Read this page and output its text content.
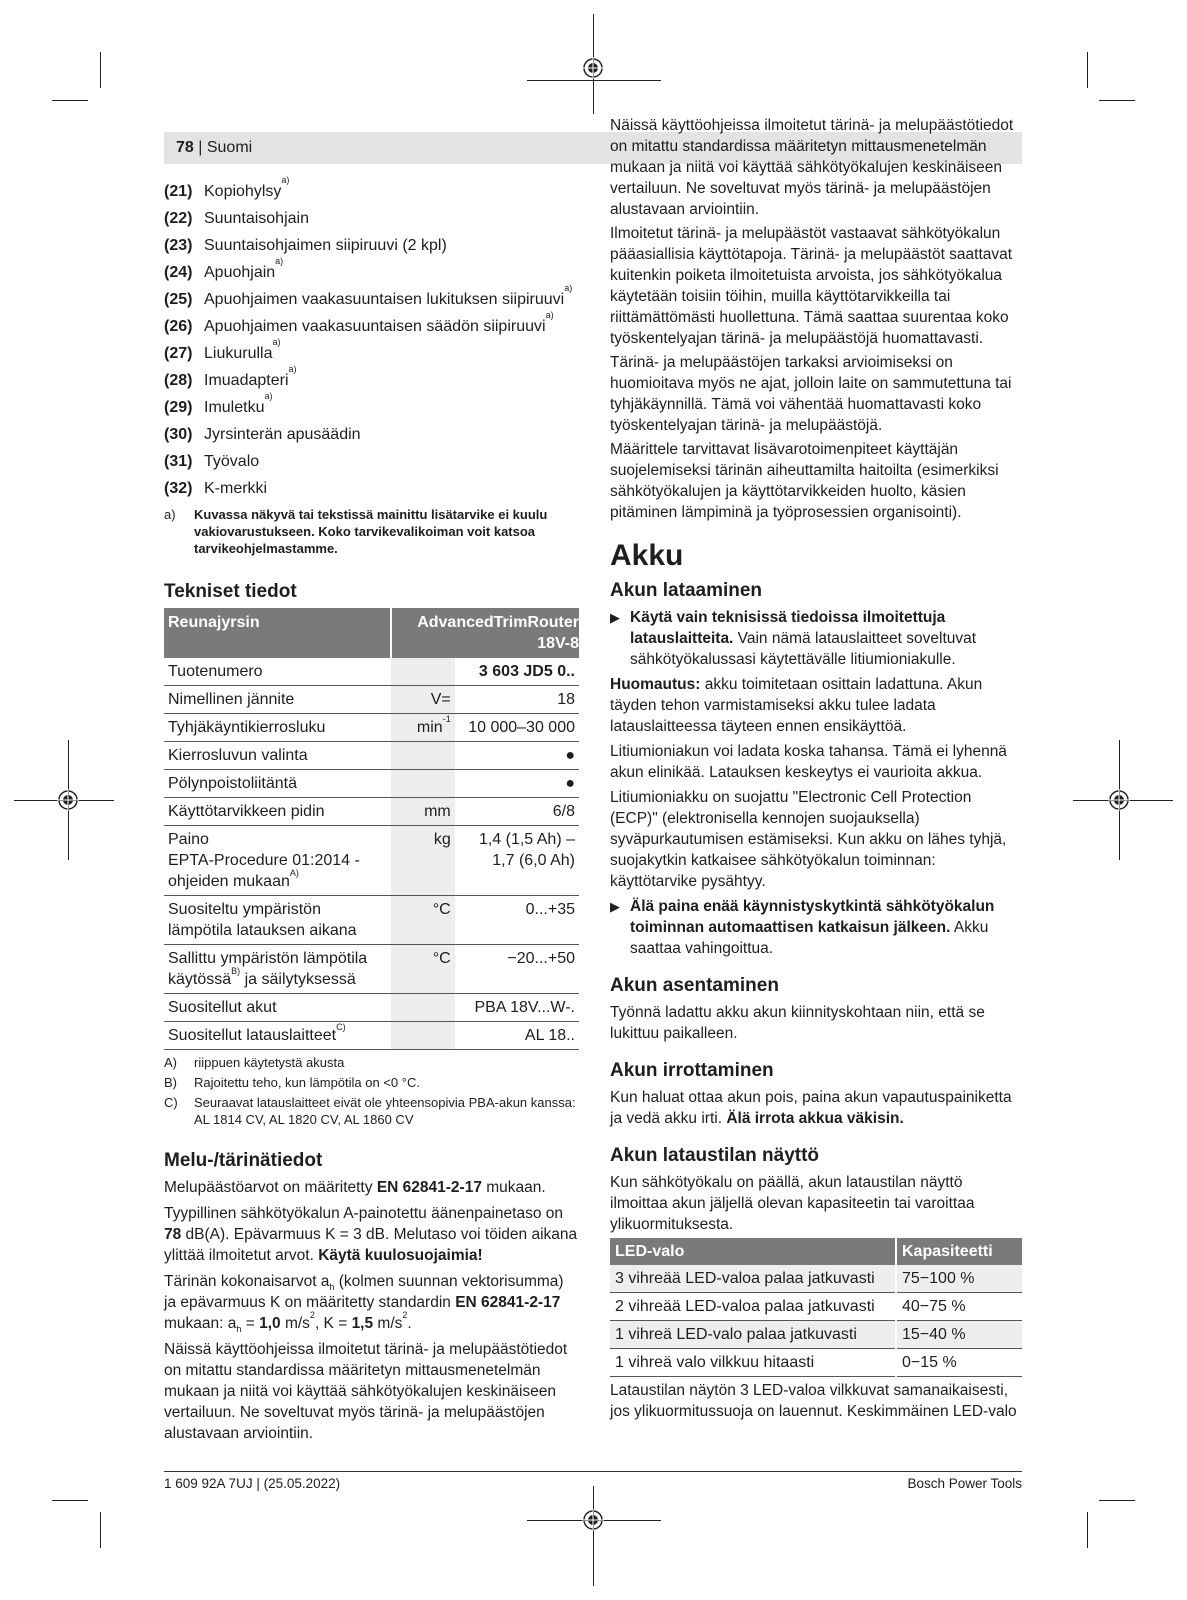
78 | Suomi
(21) Kopiohylsy$^{a)}$
(22) Suuntaisohjain
(23) Suuntaisohjaimen siipiruuvi (2 kpl)
(24) Apuohjain$^{a)}$
(25) Apuohjaimen vaakasuuntaisen lukituksen siipiruuvi$^{a)}$
(26) Apuohjaimen vaakasuuntaisen säädön siipiruuvi$^{a)}$
(27) Liukurulla$^{a)}$
(28) Imuadapteri$^{a)}$
(29) Imuletku$^{a)}$
(30) Jyrsinterän apusäädin
(31) Työvalo
(32) K-merkki
a)	Kuvassa näkyvä tai tekstissä mainittu lisätarvike ei kuulu vakiovarustukseen. Koko tarvikevalikoiman voit katsoa tarvikeohjelmastamme.
Tekniset tiedot
Reunajyrsin	AdvancedTrimRouter 18V-8	
Tuotenumero		3 603 JD5 0..
Nimellinen jännite	V=	18
Tyhjäkäyntikierrosluku	$\min^{-1}$	10 000–30 000
Kierrosluvun valinta		●
Pölynpoistoliitäntä		●
Käyttötarvikkeen pidin	mm	6/8
Paino
EPTA-Procedure 01:2014 -ohjeiden mukaan$^{A)}$	kg	1,4 (1,5 Ah) –
1,7 (6,0 Ah)
Suositeltu ympäristön lämpötila latauksen aikana	°C	0...+35
Sallittu ympäristön lämpötila käytössä$^{B)}$ ja säilytyksessä	°C	−20...+50
Suositellut akut		PBA 18V...W-.
Suositellut latauslaitteet$^{C)}$		AL 18..
A)	riippuen käytetystä akusta
B)	Rajoitettu teho, kun lämpötila on <0 °C.
C)	Seuraavat latauslaitteet eivät ole yhteensopivia PBA-akun kanssa: AL 1814 CV, AL 1820 CV, AL 1860 CV
Melu-/tärinätiedot

Melupäästöarvot on määritetty EN 62841-2-17 mukaan.

Tyypillinen sähkötyökalun A-painotettu äänenpainetaso on 78 dB(A). Epävarmuus K = 3 dB. Melutaso voi töiden aikana ylittää ilmoitetut arvot. Käytä kuulosuojaimia!

Tärinän kokonaisarvot $a_h$ (kolmen suunnan vektorisumma) ja epävarmuus K on määritetty standardin EN 62841-2-17 mukaan: $a_h = 1,0$ $m/s^2$, K = 1,5 $m/s^2$.

Näissä käyttöohjeissa ilmoitetut tärinä- ja melupäästötiedot on mitattu standardissa määritetyn mittausmenetelmän mukaan ja niitä voi käyttää sähkötyökalujen keskinäiseen vertailuun. Ne soveltuvat myös tärinä- ja melupäästöjen alustavaan arviointiin.

Näissä käyttöohjeissa ilmoitetut tärinä- ja melupäästötiedot on mitattu standardissa määritetyn mittausmenetelmän mukaan ja niitä voi käyttää sähkötyökalujen keskinäiseen vertailuun. Ne soveltuvat myös tärinä- ja melupäästöjen alustavaan arviointiin.

Ilmoitetut tärinä- ja melupäästöt vastaavat sähkötyökalun pääasiallisia käyttötapoja. Tärinä- ja melupäästöt saattavat kuitenkin poiketa ilmoitetuista arvoista, jos sähkötyökalua käytetään toisiin töihin, muilla käyttötarvikkeilla tai riittämättömästi huollettuna. Tämä saattaa suurentaa koko työskentelyajan tärinä- ja melupäästöjä huomattavasti.

Tärinä- ja melupäästöjen tarkaksi arvioimiseksi on huomioitava myös ne ajat, jolloin laite on sammutettuna tai tyhjäkäynnillä. Tämä voi vähentää huomattavasti koko työskentelyajan tärinä- ja melupäästöjä.

Määrittele tarvittavat lisävarotoimenpiteet käyttäjän suojelemiseksi tärinän aiheuttamilta haitoilta (esimerkiksi sähkötyökalujen ja käyttötarvikkeiden huolto, käsien pitäminen lämpiminä ja työprosessien organisointi).

Akku
Akun lataaminen
▶ Käytä vain teknisissä tiedoissa ilmoitettuja latauslaitteita. Vain nämä latauslaitteet soveltuvat sähkötyökalussasi käytettävälle litiumioniakulle.

Huomautus: akku toimitetaan osittain ladattuna. Akun täyden tehon varmistamiseksi akku tulee ladata latauslaitteessa täyteen ennen ensikäyttöä.

Litiumioniakun voi ladata koska tahansa. Tämä ei lyhennä akun elinikää. Latauksen keskeytys ei vaurioita akkua.

Litiumioniakku on suojattu "Electronic Cell Protection (ECP)" (elektronisella kennojen suojauksella) syväpurkautumisen estämiseksi. Kun akku on lähes tyhjä, suojakytkin katkaisee sähkötyökalun toiminnan: käyttötarvike pysähtyy.

▶ Älä paina enää käynnistyskytkintä sähkötyökalun toiminnan automaattisen katkaisun jälkeen. Akku saattaa vahingoittua.
Akun asentaminen

Työnnä ladattu akku akun kiinnityskohtaan niin, että se lukittuu paikalleen.

Akun irrottaminen

Kun haluat ottaa akun pois, paina akun vapautuspainiketta ja vedä akku irti. Älä irrota akkua väkisin.

Akun lataustilan näyttö

Kun sähkötyökalu on päällä, akun lataustilan näyttö ilmoittaa akun jäljellä olevan kapasiteetin tai varoittaa ylikuormituksesta.

LED-valo	Kapasiteetti
3 vihreää LED-valoa palaa jatkuvasti	75−100 %
2 vihreää LED-valoa palaa jatkuvasti	40−75 %
1 vihreä LED-valo palaa jatkuvasti	15−40 %
1 vihreä valo vilkkuu hitaasti	0−15 %

Lataustilan näytön 3 LED-valoa vilkkuvat samanaikaisesti, jos ylikuormitussuoja on lauennut. Keskimmäinen LED-valo

1 609 92A 7UJ | (25.05.2022)	Bosch Power Tools
